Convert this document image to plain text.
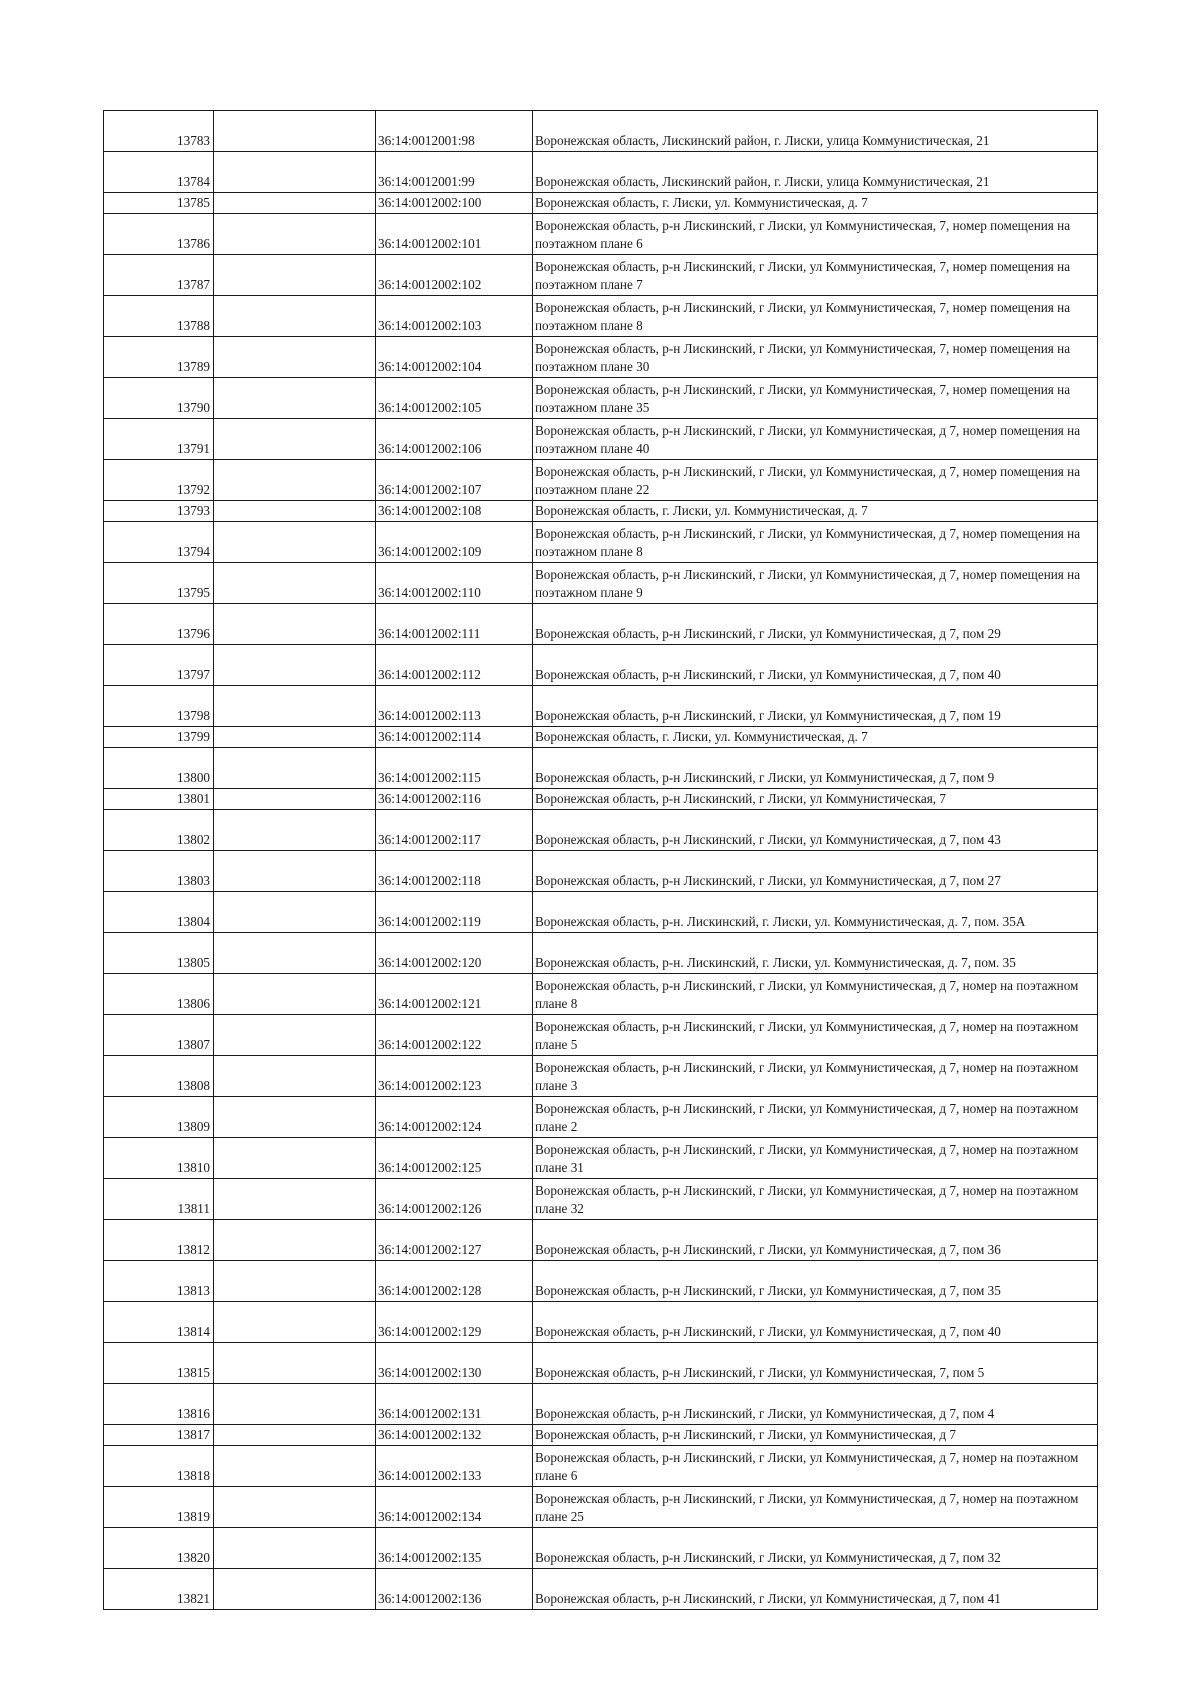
13783		36:14:0012001:98	Воронежская область, Лискинский район, г. Лиски, улица Коммунистическая, 21
13784		36:14:0012001:99	Воронежская область, Лискинский район, г. Лиски, улица Коммунистическая, 21
13785		36:14:0012002:100	Воронежская область, г. Лиски, ул. Коммунистическая, д. 7
13786		36:14:0012002:101	Воронежская область, р-н Лискинский, г Лиски, ул Коммунистическая, 7, номер помещения на поэтажном плане 6
13787		36:14:0012002:102	Воронежская область, р-н Лискинский, г Лиски, ул Коммунистическая, 7, номер помещения на поэтажном плане 7
13788		36:14:0012002:103	Воронежская область, р-н Лискинский, г Лиски, ул Коммунистическая, 7, номер помещения на поэтажном плане 8
13789		36:14:0012002:104	Воронежская область, р-н Лискинский, г Лиски, ул Коммунистическая, 7, номер помещения на поэтажном плане 30
13790		36:14:0012002:105	Воронежская область, р-н Лискинский, г Лиски, ул Коммунистическая, 7, номер помещения на поэтажном плане 35
13791		36:14:0012002:106	Воронежская область, р-н Лискинский, г Лиски, ул Коммунистическая, д 7, номер помещения на поэтажном плане 40
13792		36:14:0012002:107	Воронежская область, р-н Лискинский, г Лиски, ул Коммунистическая, д 7, номер помещения на поэтажном плане 22
13793		36:14:0012002:108	Воронежская область, г. Лиски, ул. Коммунистическая, д. 7
13794		36:14:0012002:109	Воронежская область, р-н Лискинский, г Лиски, ул Коммунистическая, д 7, номер помещения на поэтажном плане 8
13795		36:14:0012002:110	Воронежская область, р-н Лискинский, г Лиски, ул Коммунистическая, д 7, номер помещения на поэтажном плане 9
13796		36:14:0012002:111	Воронежская область, р-н Лискинский, г Лиски, ул Коммунистическая, д 7, пом 29
13797		36:14:0012002:112	Воронежская область, р-н Лискинский, г Лиски, ул Коммунистическая, д 7, пом 40
13798		36:14:0012002:113	Воронежская область, р-н Лискинский, г Лиски, ул Коммунистическая, д 7, пом 19
13799		36:14:0012002:114	Воронежская область, г. Лиски, ул. Коммунистическая, д. 7
13800		36:14:0012002:115	Воронежская область, р-н Лискинский, г Лиски, ул Коммунистическая, д 7, пом 9
13801		36:14:0012002:116	Воронежская область, р-н Лискинский, г Лиски, ул Коммунистическая, 7
13802		36:14:0012002:117	Воронежская область, р-н Лискинский, г Лиски, ул Коммунистическая, д 7, пом 43
13803		36:14:0012002:118	Воронежская область, р-н Лискинский, г Лиски, ул Коммунистическая, д 7, пом 27
13804		36:14:0012002:119	Воронежская область, р-н. Лискинский, г. Лиски, ул. Коммунистическая, д. 7, пом. 35А
13805		36:14:0012002:120	Воронежская область, р-н. Лискинский, г. Лиски, ул. Коммунистическая, д. 7, пом. 35
13806		36:14:0012002:121	Воронежская область, р-н Лискинский, г Лиски, ул Коммунистическая, д 7, номер на поэтажном плане 8
13807		36:14:0012002:122	Воронежская область, р-н Лискинский, г Лиски, ул Коммунистическая, д 7, номер на поэтажном плане 5
13808		36:14:0012002:123	Воронежская область, р-н Лискинский, г Лиски, ул Коммунистическая, д 7, номер на поэтажном плане 3
13809		36:14:0012002:124	Воронежская область, р-н Лискинский, г Лиски, ул Коммунистическая, д 7, номер на поэтажном плане 2
13810		36:14:0012002:125	Воронежская область, р-н Лискинский, г Лиски, ул Коммунистическая, д 7, номер на поэтажном плане 31
13811		36:14:0012002:126	Воронежская область, р-н Лискинский, г Лиски, ул Коммунистическая, д 7, номер на поэтажном плане 32
13812		36:14:0012002:127	Воронежская область, р-н Лискинский, г Лиски, ул Коммунистическая, д 7, пом 36
13813		36:14:0012002:128	Воронежская область, р-н Лискинский, г Лиски, ул Коммунистическая, д 7, пом 35
13814		36:14:0012002:129	Воронежская область, р-н Лискинский, г Лиски, ул Коммунистическая, д 7, пом 40
13815		36:14:0012002:130	Воронежская область, р-н Лискинский, г Лиски, ул Коммунистическая, 7, пом 5
13816		36:14:0012002:131	Воронежская область, р-н Лискинский, г Лиски, ул Коммунистическая, д 7, пом 4
13817		36:14:0012002:132	Воронежская область, р-н Лискинский, г Лиски, ул Коммунистическая, д 7
13818		36:14:0012002:133	Воронежская область, р-н Лискинский, г Лиски, ул Коммунистическая, д 7, номер на поэтажном плане 6
13819		36:14:0012002:134	Воронежская область, р-н Лискинский, г Лиски, ул Коммунистическая, д 7, номер на поэтажном плане 25
13820		36:14:0012002:135	Воронежская область, р-н Лискинский, г Лиски, ул Коммунистическая, д 7, пом 32
13821		36:14:0012002:136	Воронежская область, р-н Лискинский, г Лиски, ул Коммунистическая, д 7, пом 41
